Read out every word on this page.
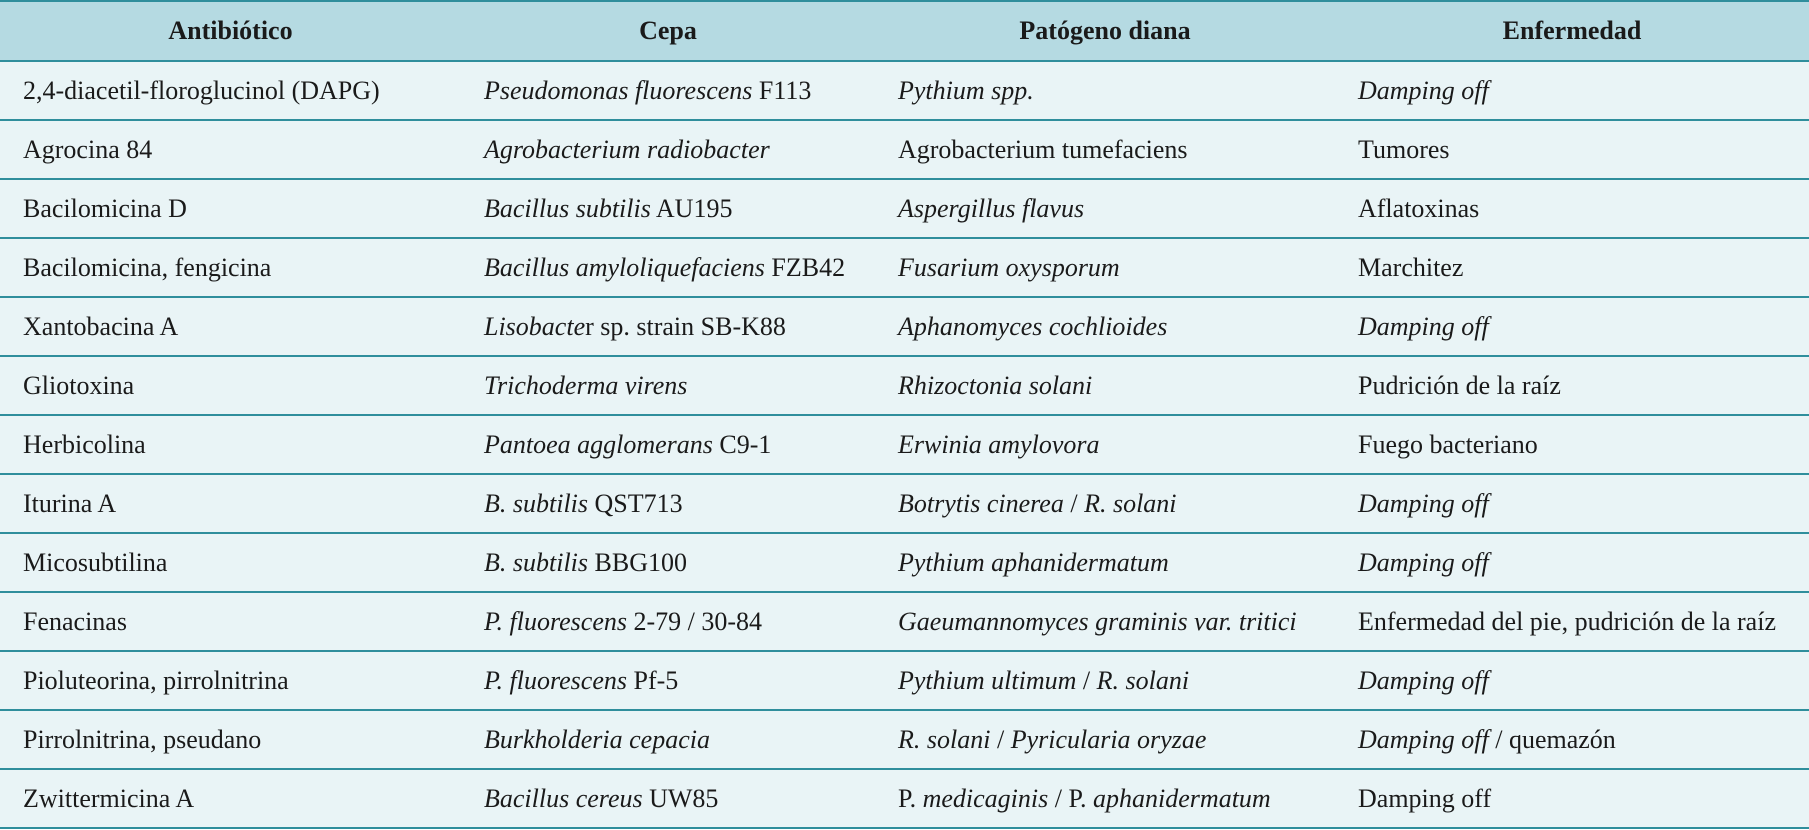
Antibiótico	Cepa	Patógeno diana	Enfermedad
2,4-diacetil-floroglucinol (DAPG)	Pseudomonas fluorescens F113	Pythium spp.	Damping off
Agrocina 84	Agrobacterium radiobacter	Agrobacterium tumefaciens	Tumores
Bacilomicina D	Bacillus subtilis AU195	Aspergillus flavus	Aflatoxinas
Bacilomicina, fengicina	Bacillus amyloliquefaciens FZB42	Fusarium oxysporum	Marchitez
Xantobacina A	Lisobacter sp. strain SB-K88	Aphanomyces cochlioides	Damping off
Gliotoxina	Trichoderma virens	Rhizoctonia solani	Pudrición de la raíz
Herbicolina	Pantoea agglomerans C9-1	Erwinia amylovora	Fuego bacteriano
Iturina A	B. subtilis QST713	Botrytis cinerea / R. solani	Damping off
Micosubtilina	B. subtilis BBG100	Pythium aphanidermatum	Damping off
Fenacinas	P. fluorescens 2-79 / 30-84	Gaeumannomyces graminis var. tritici	Enfermedad del pie, pudrición de la raíz
Pioluteorina, pirrolnitrina	P. fluorescens Pf-5	Pythium ultimum / R. solani	Damping off
Pirrolnitrina, pseudano	Burkholderia cepacia	R. solani / Pyricularia oryzae	Damping off / quemazón
Zwittermicina A	Bacillus cereus UW85	P. medicaginis / P. aphanidermatum	Damping off
